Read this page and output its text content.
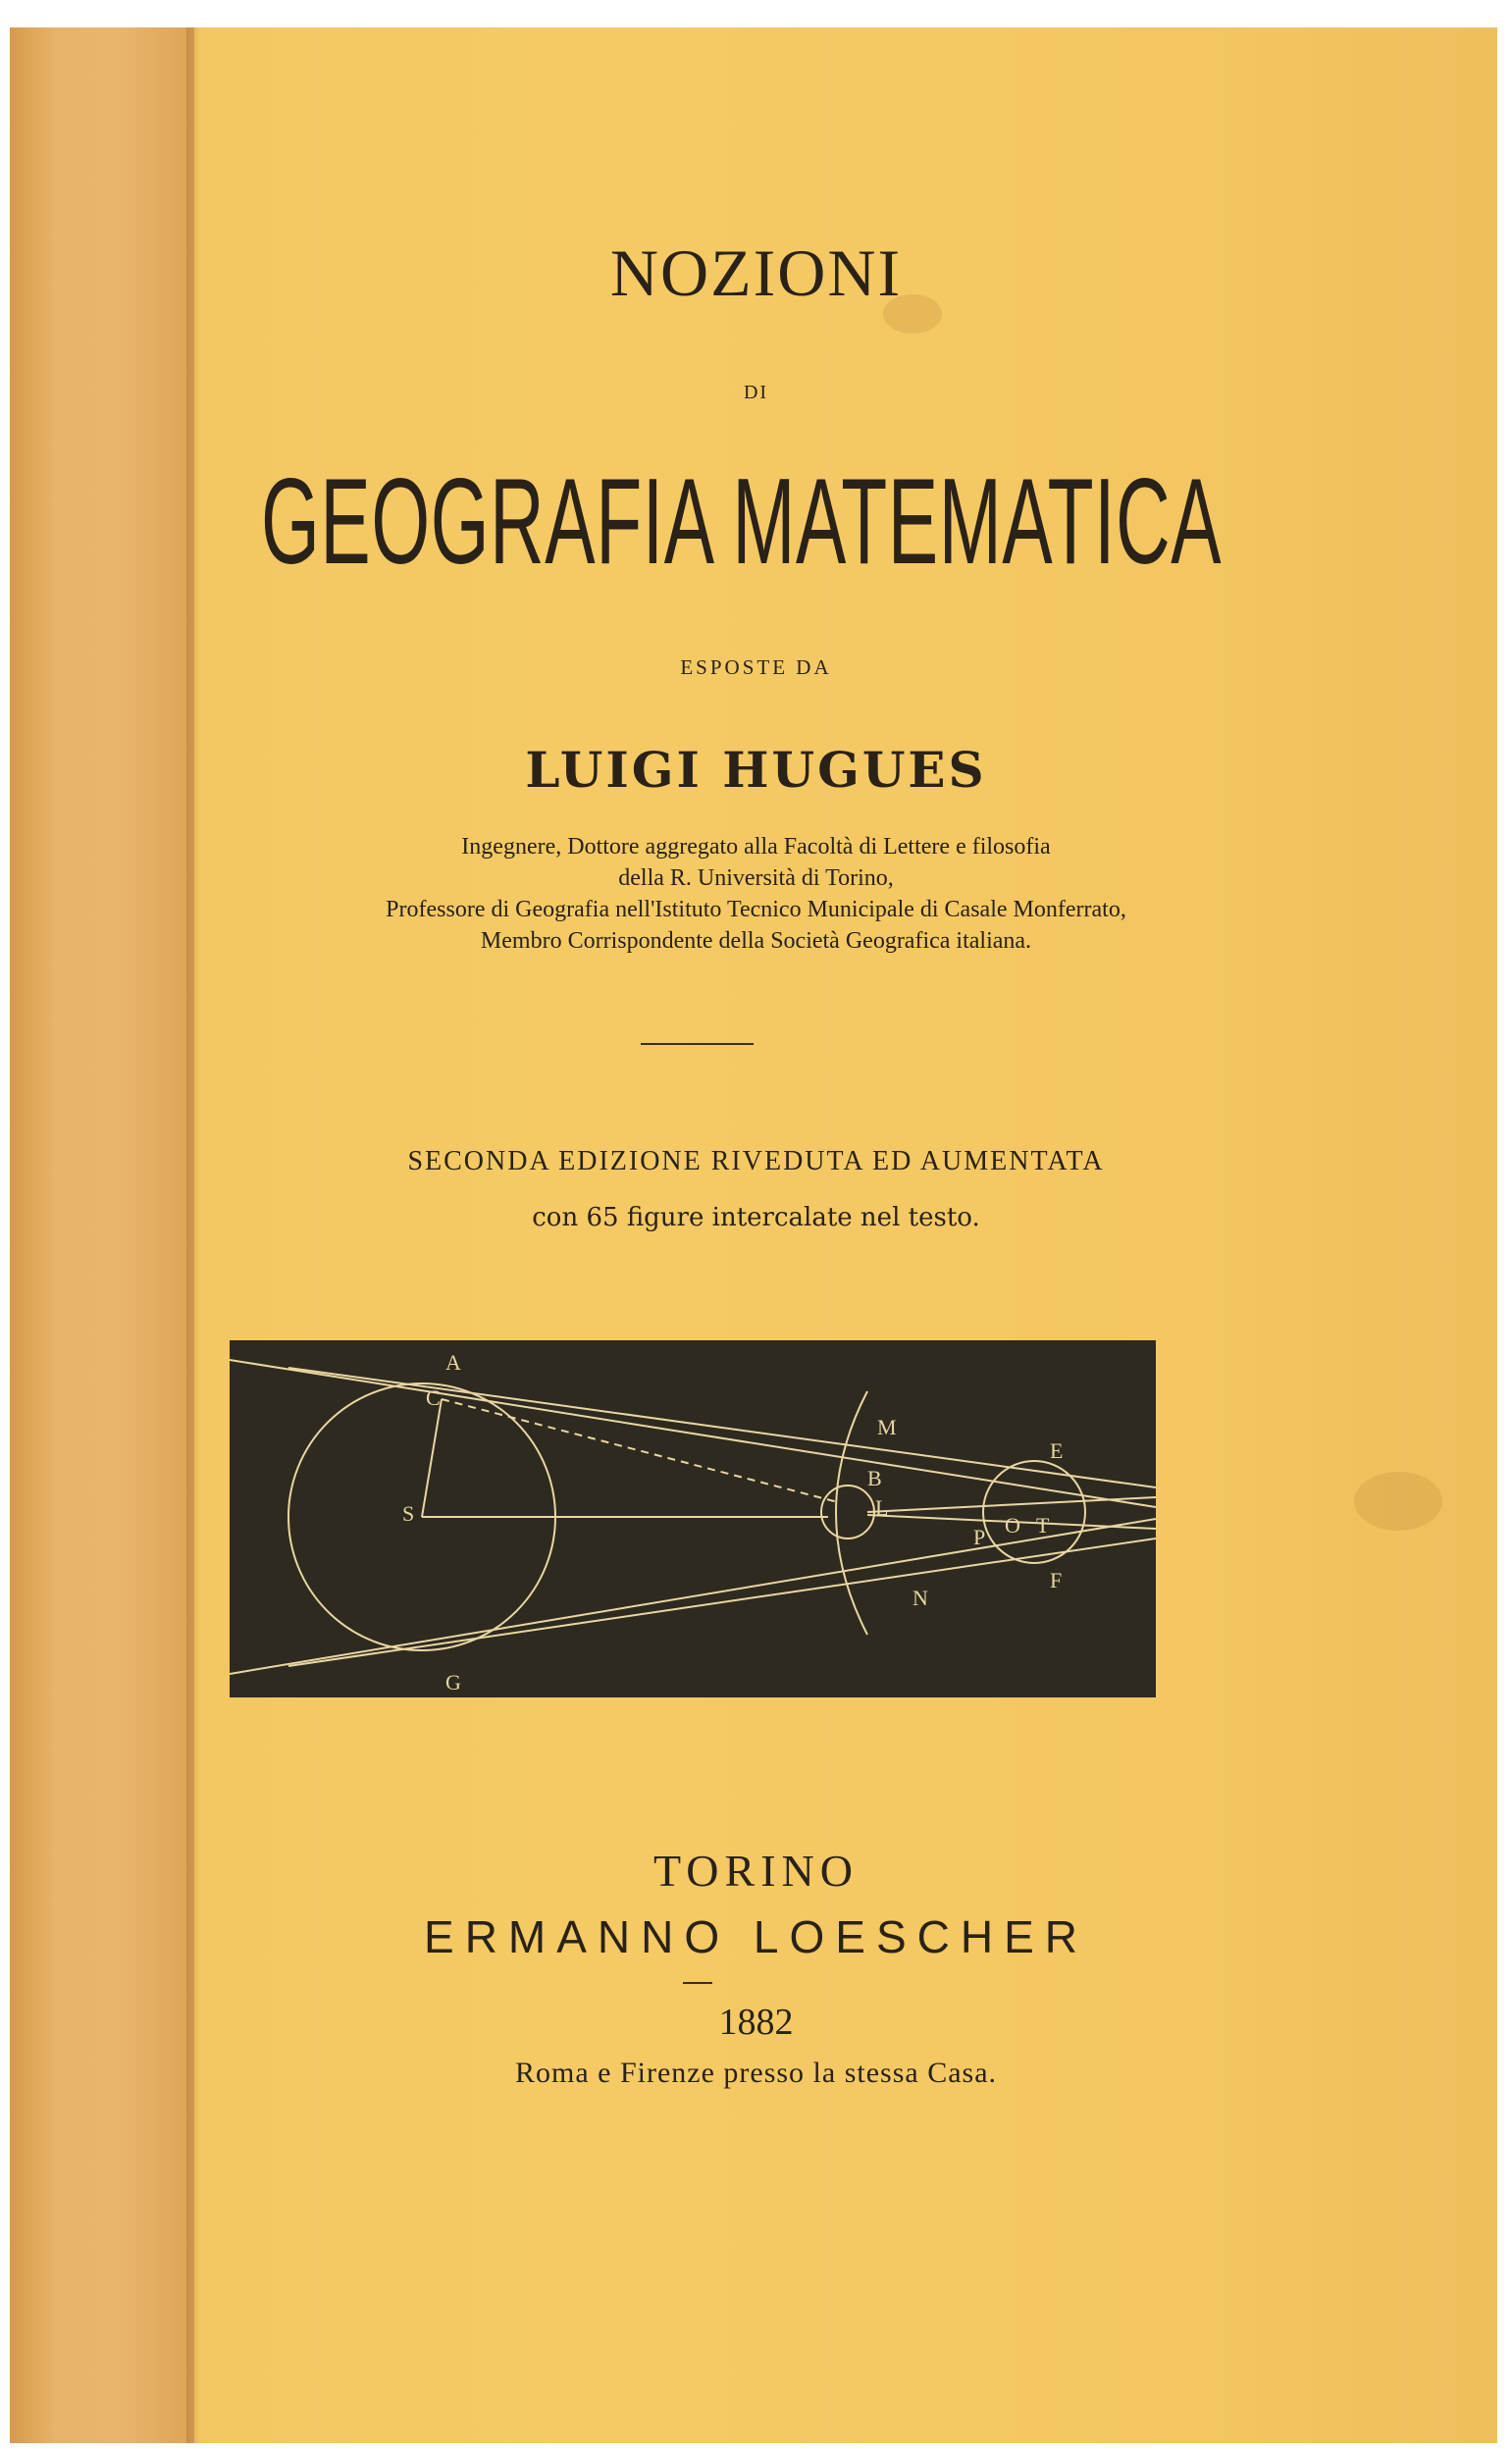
NOZIONI
DI
GEOGRAFIA MATEMATICA
ESPOSTE DA
LUIGI HUGUES
Ingegnere, Dottore aggregato alla Facoltà di Lettere e filosofia
della R. Università di Torino,
Professore di Geografia nell'Istituto Tecnico Municipale di Casale Monferrato,
Membro Corrispondente della Società Geografica italiana.
SECONDA EDIZIONE RIVEDUTA ED AUMENTATA
con 65 figure intercalate nel testo.
A
C
S
G
M
B
L
N
P O T
E
F
TORINO
ERMANNO LOESCHER
1882
Roma e Firenze presso la stessa Casa.
